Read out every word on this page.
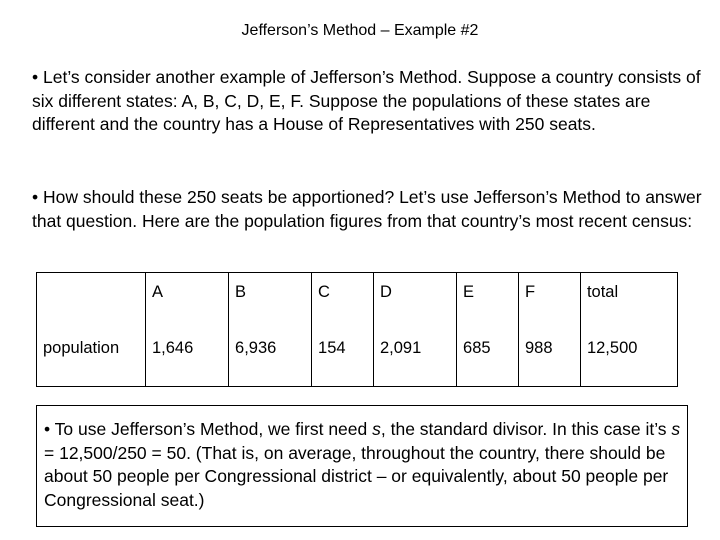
Jefferson’s Method – Example #2
• Let’s consider another example of Jefferson’s Method. Suppose a country consists of six different states: A, B, C, D, E, F. Suppose the populations of these states are different and the country has a House of Representatives with 250 seats.
• How should these 250 seats be apportioned? Let’s use Jefferson’s Method to answer that question. Here are the population figures from that country’s most recent census:
	A	B	C	D	E	F	total
population	1,646	6,936	154	2,091	685	988	12,500
• To use Jefferson’s Method, we first need s, the standard divisor. In this case it’s s = 12,500/250 = 50. (That is, on average, throughout the country, there should be about 50 people per Congressional district – or equivalently, about 50 people per Congressional seat.)
